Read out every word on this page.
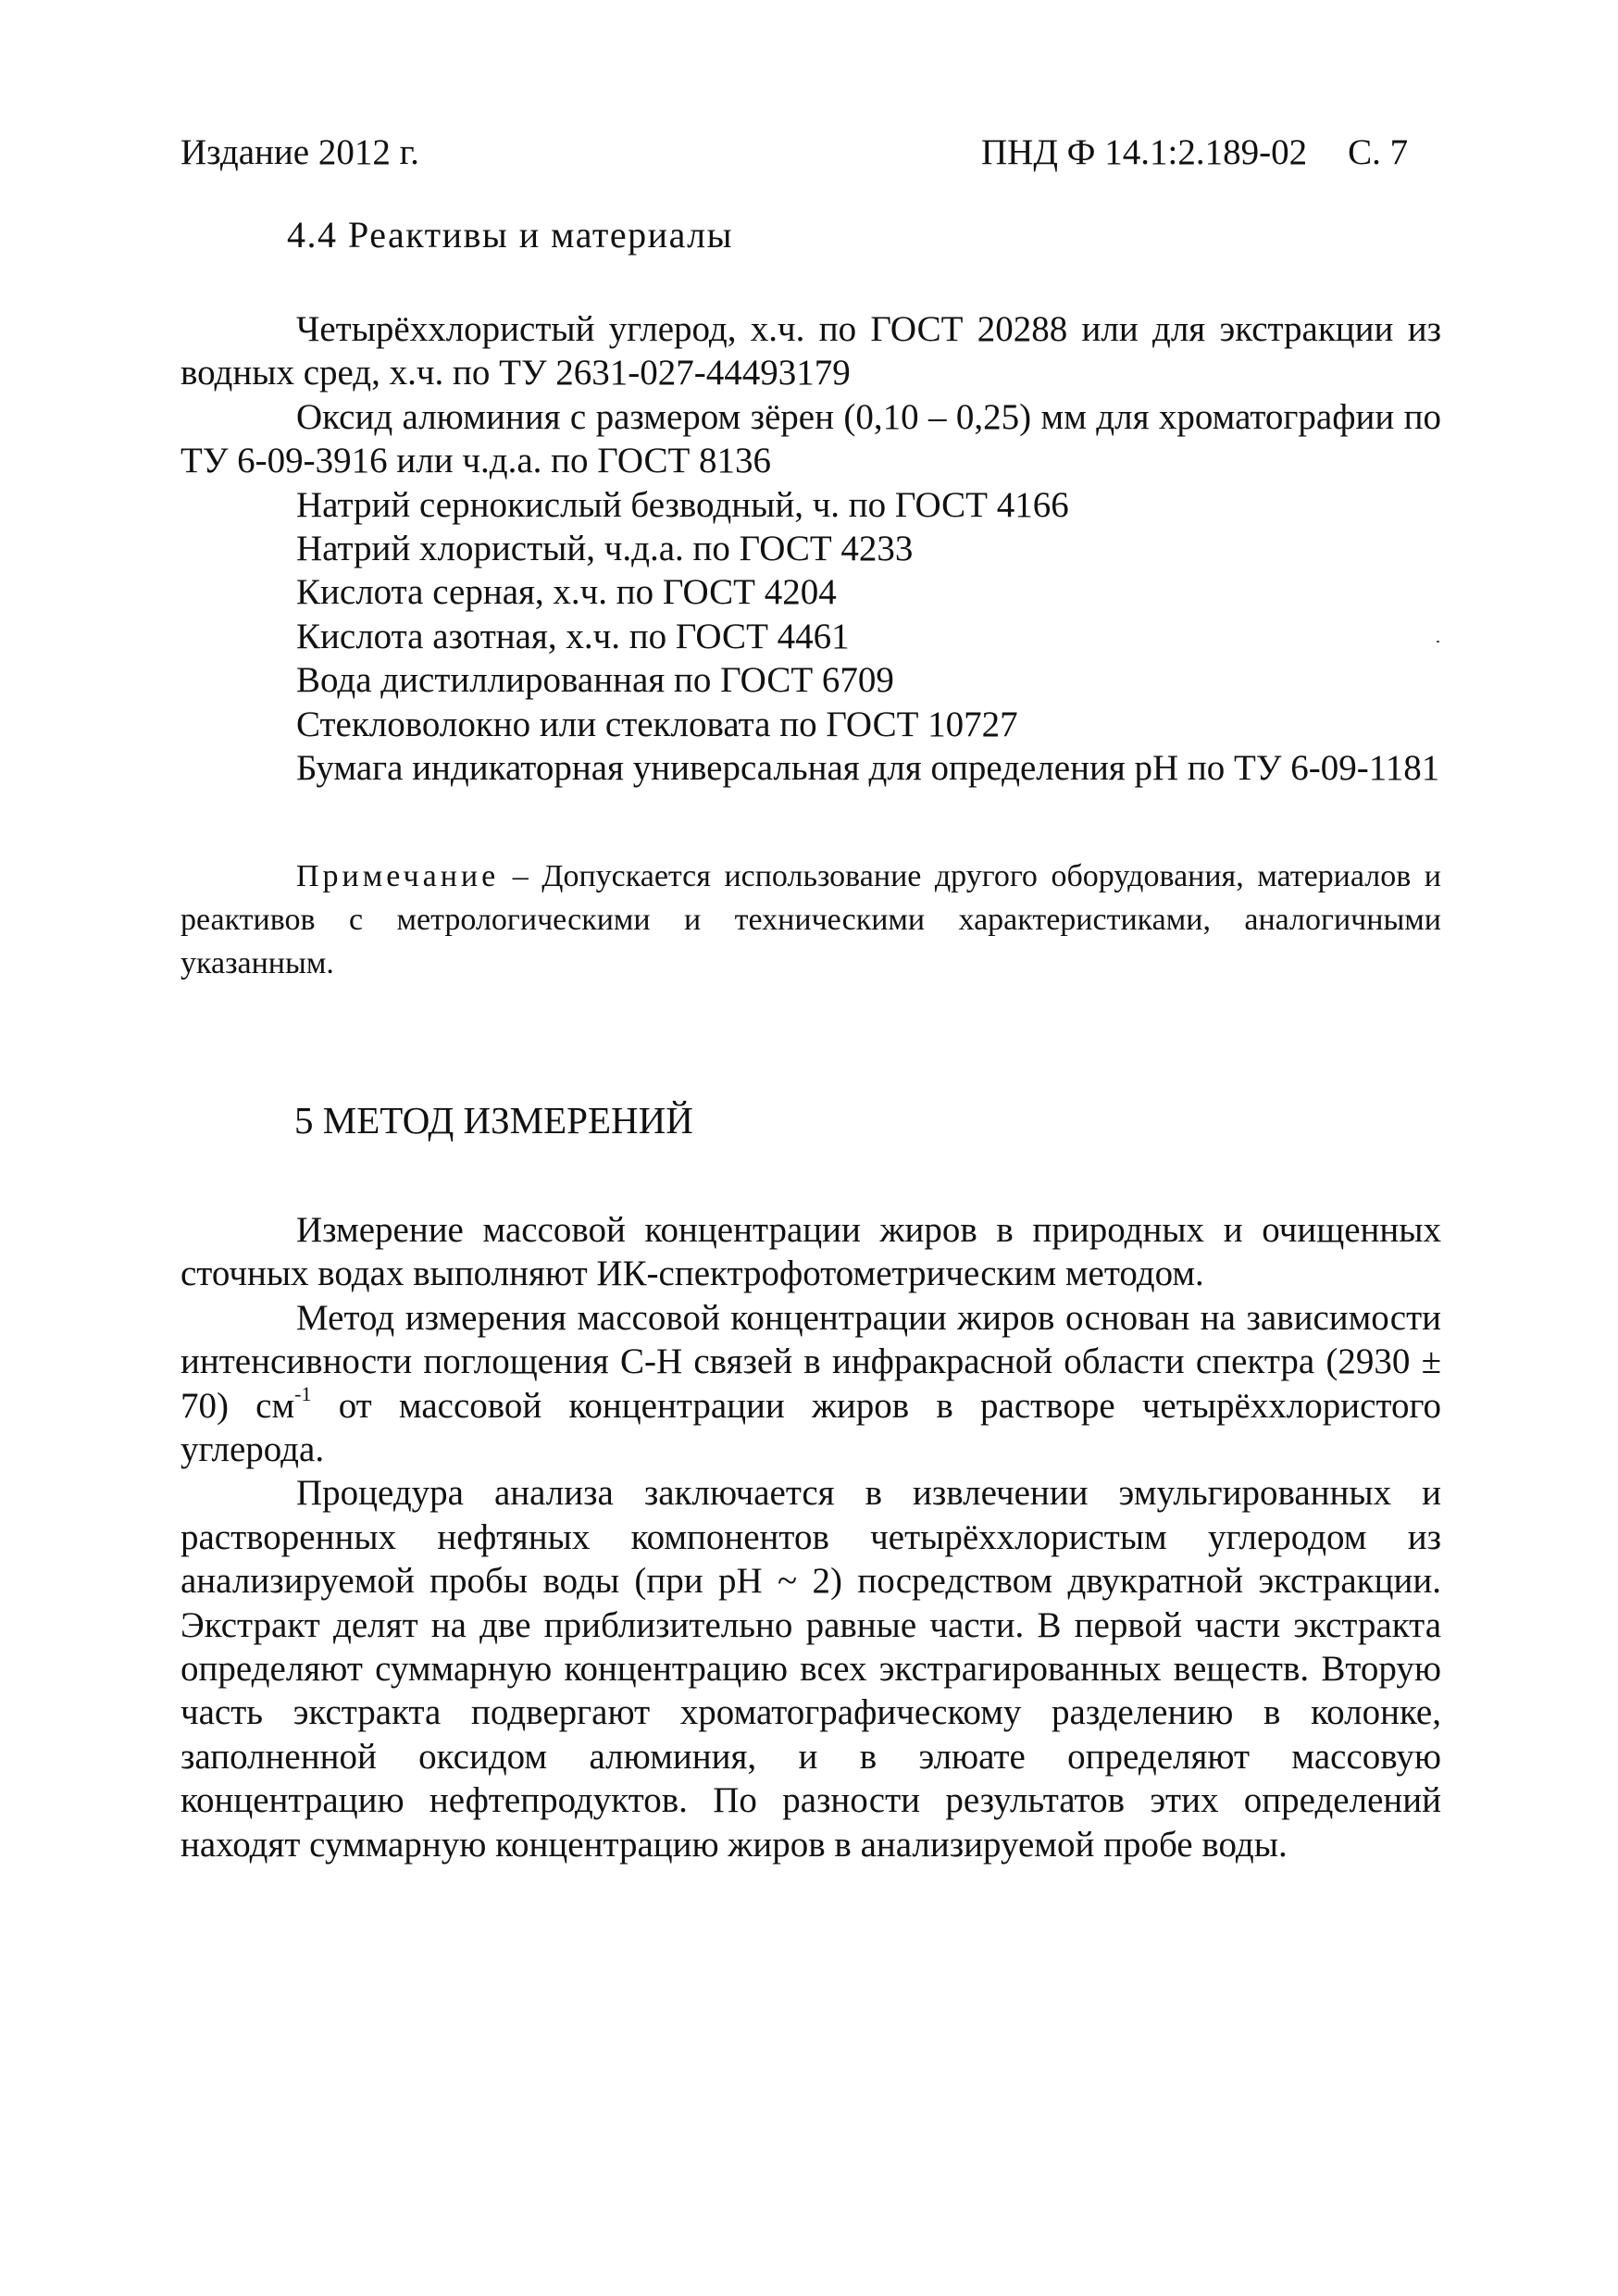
Издание 2012 г.	ПНД Ф 14.1:2.189-02 С. 7
4.4 Реактивы и материалы

Четырёххлористый углерод, х.ч. по ГОСТ 20288 или для экстракции из водных сред, х.ч. по ТУ 2631-027-44493179

Оксид алюминия с размером зёрен (0,10 – 0,25) мм для хроматографии по ТУ 6-09-3916 или ч.д.а. по ГОСТ 8136

Натрий сернокислый безводный, ч. по ГОСТ 4166

Натрий хлористый, ч.д.а. по ГОСТ 4233

Кислота серная, х.ч. по ГОСТ 4204

Кислота азотная, х.ч. по ГОСТ 4461

Вода дистиллированная по ГОСТ 6709

Стекловолокно или стекловата по ГОСТ 10727

Бумага индикаторная универсальная для определения рН по ТУ 6-09-1181

Примечание – Допускается использование другого оборудования, материалов и реактивов с метрологическими и техническими характеристиками, аналогичными указанным.

5 МЕТОД ИЗМЕРЕНИЙ

Измерение массовой концентрации жиров в природных и очищенных сточных водах выполняют ИК-спектрофотометрическим методом.

Метод измерения массовой концентрации жиров основан на зависимости интенсивности поглощения С-Н связей в инфракрасной области спектра (2930 ± 70) $см^{-1}$ от массовой концентрации жиров в растворе четырёххлористого углерода.

Процедура анализа заключается в извлечении эмульгированных и растворенных нефтяных компонентов четырёххлористым углеродом из анализируемой пробы воды (при рН ~ 2) посредством двукратной экстракции. Экстракт делят на две приблизительно равные части. В первой части экстракта определяют суммарную концентрацию всех экстрагированных веществ. Вторую часть экстракта подвергают хроматографическому разделению в колонке, заполненной оксидом алюминия, и в элюате определяют массовую концентрацию нефтепродуктов. По разности результатов этих определений находят суммарную концентрацию жиров в анализируемой пробе воды.
